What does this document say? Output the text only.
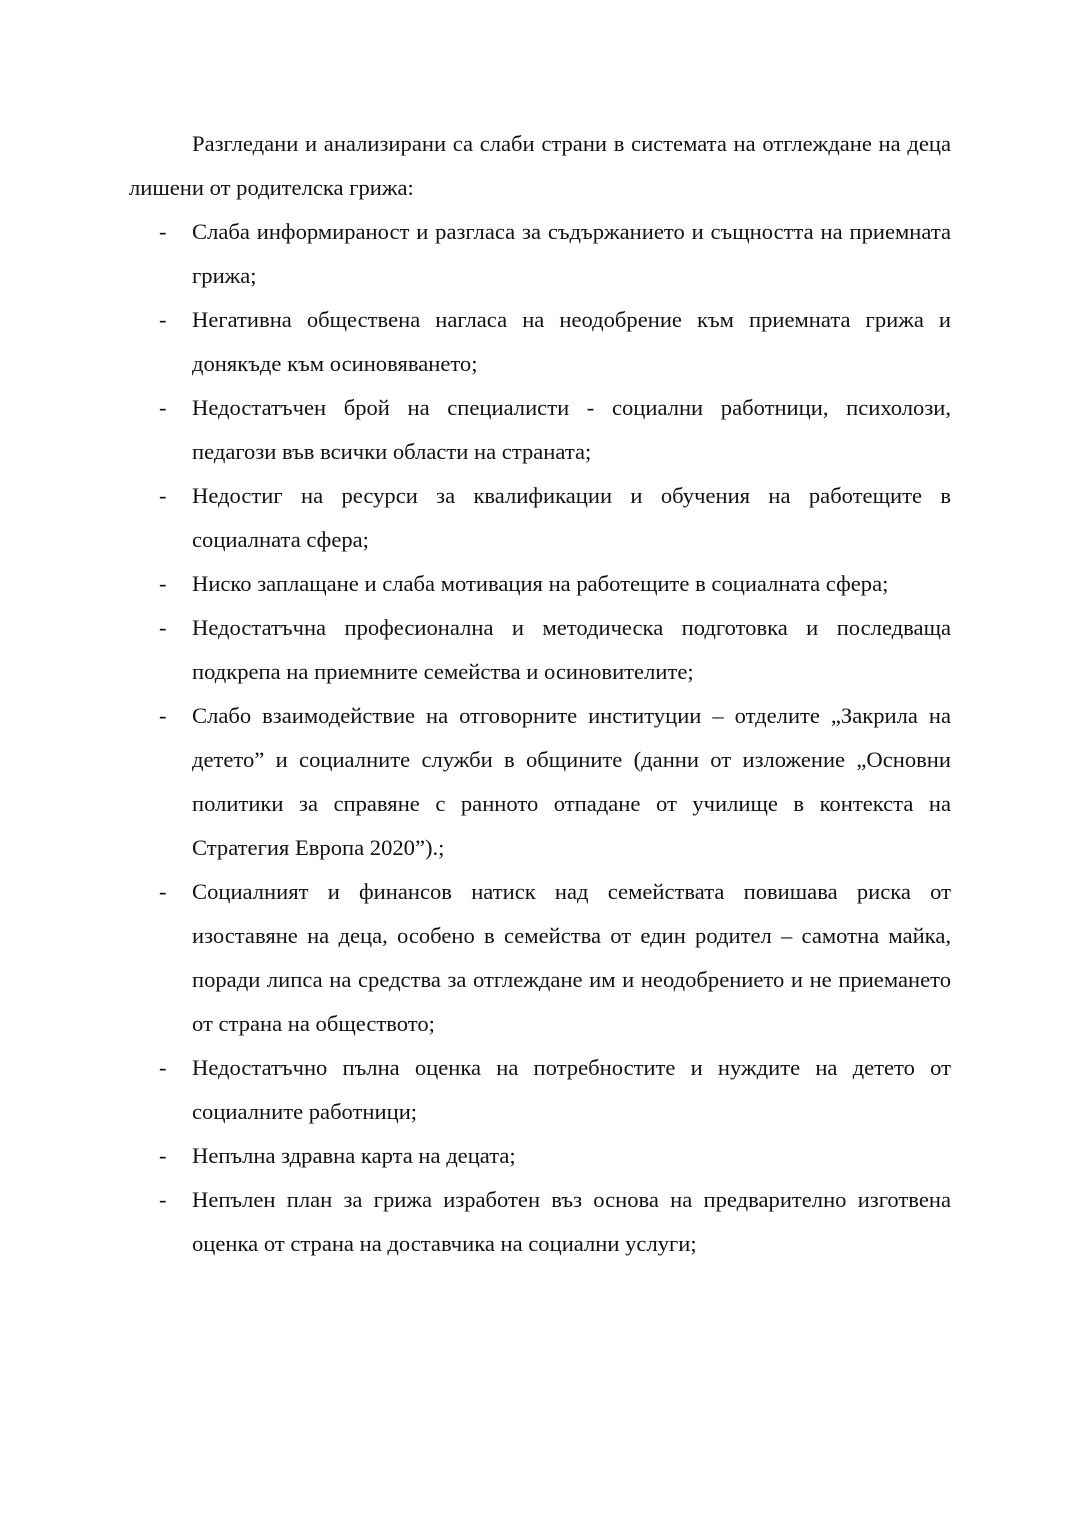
Разгледани и анализирани са слаби страни в системата на отглеждане на деца лишени от родителска грижа:

- Слаба информираност и разгласа за съдържанието и същността на приемната грижа;
- Негативна обществена нагласа на неодобрение към приемната грижа и донякъде към осиновяването;
- Недостатъчен брой на специалисти - социални работници, психолози, педагози във всички области на страната;
- Недостиг на ресурси за квалификации и обучения на работещите в социалната сфера;
- Ниско заплащане и слаба мотивация на работещите в социалната сфера;
- Недостатъчна професионална и методическа подготовка и последваща подкрепа на приемните семейства и осиновителите;
- Слабо взаимодействие на отговорните институции – отделите „Закрила на детето” и социалните служби в общините (данни от изложение „Основни политики за справяне с ранното отпадане от училище в контекста на Стратегия Европа 2020”).;
- Социалният и финансов натиск над семействата повишава риска от изоставяне на деца, особено в семейства от един родител – самотна майка, поради липса на средства за отглеждане им и неодобрението и не приемането от страна на обществото;
- Недостатъчно пълна оценка на потребностите и нуждите на детето от социалните работници;
- Непълна здравна карта на децата;
- Непълен план за грижа изработен въз основа на предварително изготвена оценка от страна на доставчика на социални услуги;
